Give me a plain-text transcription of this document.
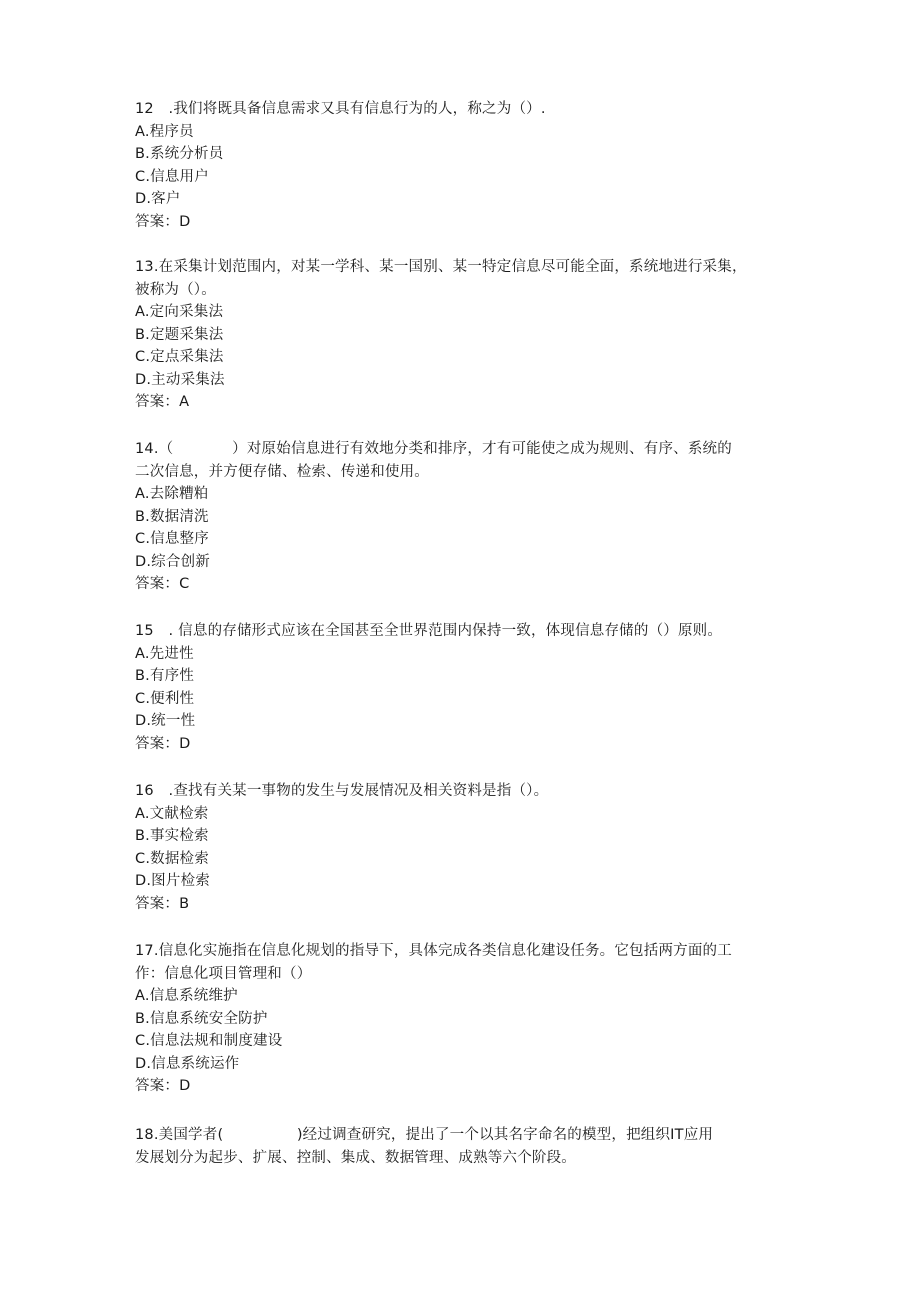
12　.我们将既具备信息需求又具有信息行为的人，称之为（）.
A.程序员
B.系统分析员
C.信息用户
D.客户
答案：D
13.在采集计划范围内，对某一学科、某一国别、某一特定信息尽可能全面，系统地进行采集，
被称为（）。
A.定向采集法
B.定题采集法
C.定点采集法
D.主动采集法
答案：A
14.（　　　　）对原始信息进行有效地分类和排序，才有可能使之成为规则、有序、系统的
二次信息，并方便存储、检索、传递和使用。
A.去除糟粕
B.数据清洗
C.信息整序
D.综合创新
答案：C
15　. 信息的存储形式应该在全国甚至全世界范围内保持一致，体现信息存储的（）原则。
A.先进性
B.有序性
C.便利性
D.统一性
答案：D
16　.查找有关某一事物的发生与发展情况及相关资料是指（）。
A.文献检索
B.事实检索
C.数据检索
D.图片检索
答案：B
17.信息化实施指在信息化规划的指导下，具体完成各类信息化建设任务。它包括两方面的工
作：信息化项目管理和（）
A.信息系统维护
B.信息系统安全防护
C.信息法规和制度建设
D.信息系统运作
答案：D
18.美国学者(　　　　　)经过调查研究，提出了一个以其名字命名的模型，把组织IT应用
发展划分为起步、扩展、控制、集成、数据管理、成熟等六个阶段。
